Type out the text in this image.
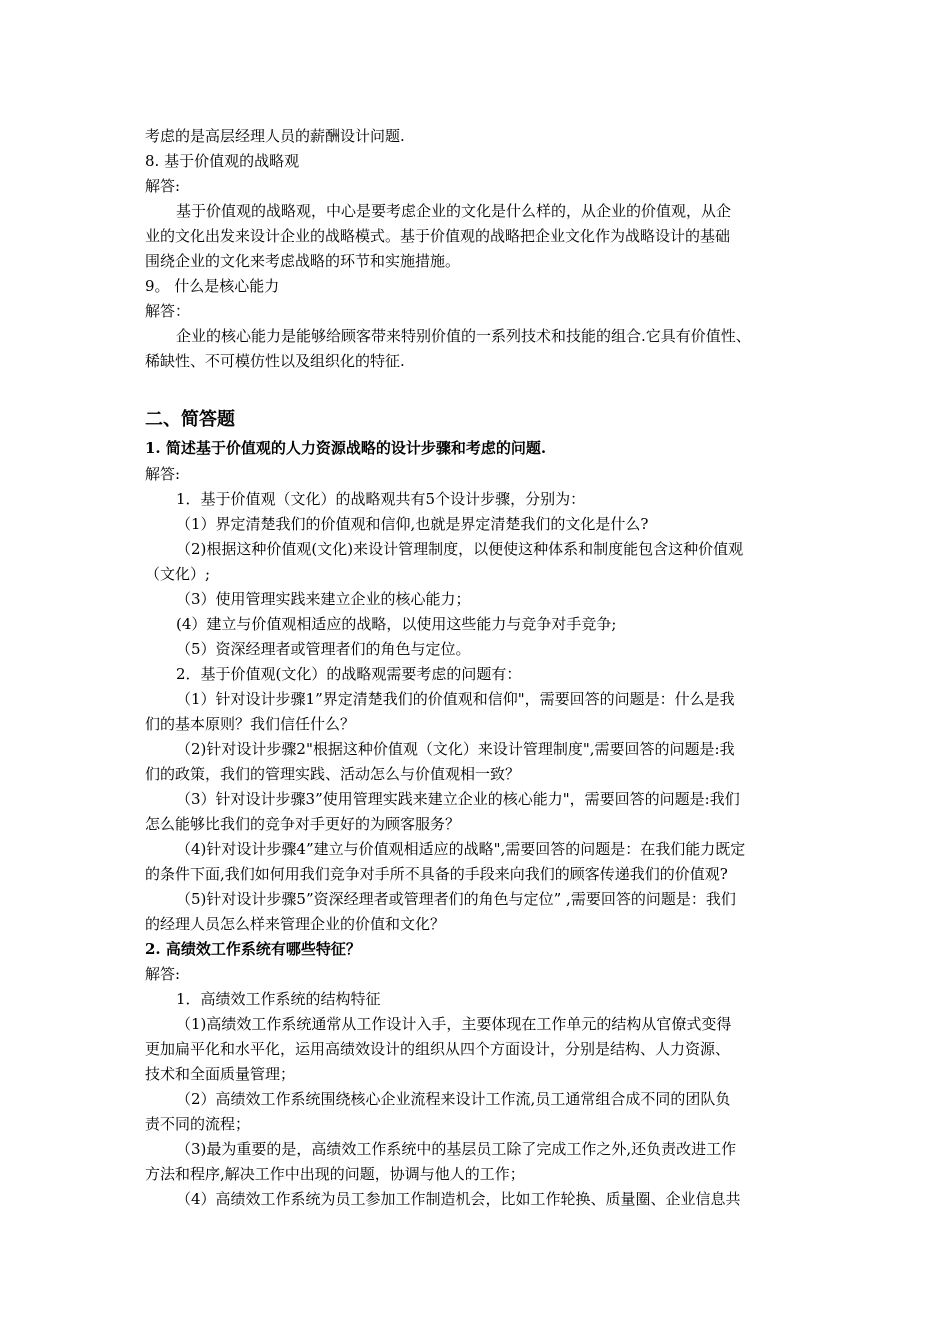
考虑的是高层经理人员的薪酬设计问题.
8. 基于价值观的战略观
解答:
基于价值观的战略观，中心是要考虑企业的文化是什么样的，从企业的价值观，从企
业的文化出发来设计企业的战略模式。基于价值观的战略把企业文化作为战略设计的基础
围绕企业的文化来考虑战略的环节和实施措施。
9。 什么是核心能力
解答：
企业的核心能力是能够给顾客带来特别价值的一系列技术和技能的组合.它具有价值性、
稀缺性、不可模仿性以及组织化的特征.
二、简答题
1. 简述基于价值观的人力资源战略的设计步骤和考虑的问题.
解答:
1．基于价值观（文化）的战略观共有5个设计步骤，分别为：
（1）界定清楚我们的价值观和信仰,也就是界定清楚我们的文化是什么?
（2)根据这种价值观(文化)来设计管理制度，以便使这种体系和制度能包含这种价值观
（文化）;
（3）使用管理实践来建立企业的核心能力；
(4）建立与价值观相适应的战略，以使用这些能力与竞争对手竞争;
（5）资深经理者或管理者们的角色与定位。
2．基于价值观(文化）的战略观需要考虑的问题有：
（1）针对设计步骤1”界定清楚我们的价值观和信仰"，需要回答的问题是：什么是我
们的基本原则？我们信任什么？
（2)针对设计步骤2"根据这种价值观（文化）来设计管理制度",需要回答的问题是:我
们的政策，我们的管理实践、活动怎么与价值观相一致？
（3）针对设计步骤3”使用管理实践来建立企业的核心能力"，需要回答的问题是:我们
怎么能够比我们的竞争对手更好的为顾客服务？
（4)针对设计步骤4”建立与价值观相适应的战略",需要回答的问题是：在我们能力既定
的条件下面,我们如何用我们竞争对手所不具备的手段来向我们的顾客传递我们的价值观?
（5)针对设计步骤5”资深经理者或管理者们的角色与定位” ,需要回答的问题是：我们
的经理人员怎么样来管理企业的价值和文化？
2. 高绩效工作系统有哪些特征？
解答:
1．高绩效工作系统的结构特征
（1)高绩效工作系统通常从工作设计入手，主要体现在工作单元的结构从官僚式变得
更加扁平化和水平化，运用高绩效设计的组织从四个方面设计，分别是结构、人力资源、
技术和全面质量管理；
（2）高绩效工作系统围绕核心企业流程来设计工作流,员工通常组合成不同的团队负
责不同的流程；
（3)最为重要的是，高绩效工作系统中的基层员工除了完成工作之外,还负责改进工作
方法和程序,解决工作中出现的问题，协调与他人的工作；
（4）高绩效工作系统为员工参加工作制造机会，比如工作轮换、质量圈、企业信息共
